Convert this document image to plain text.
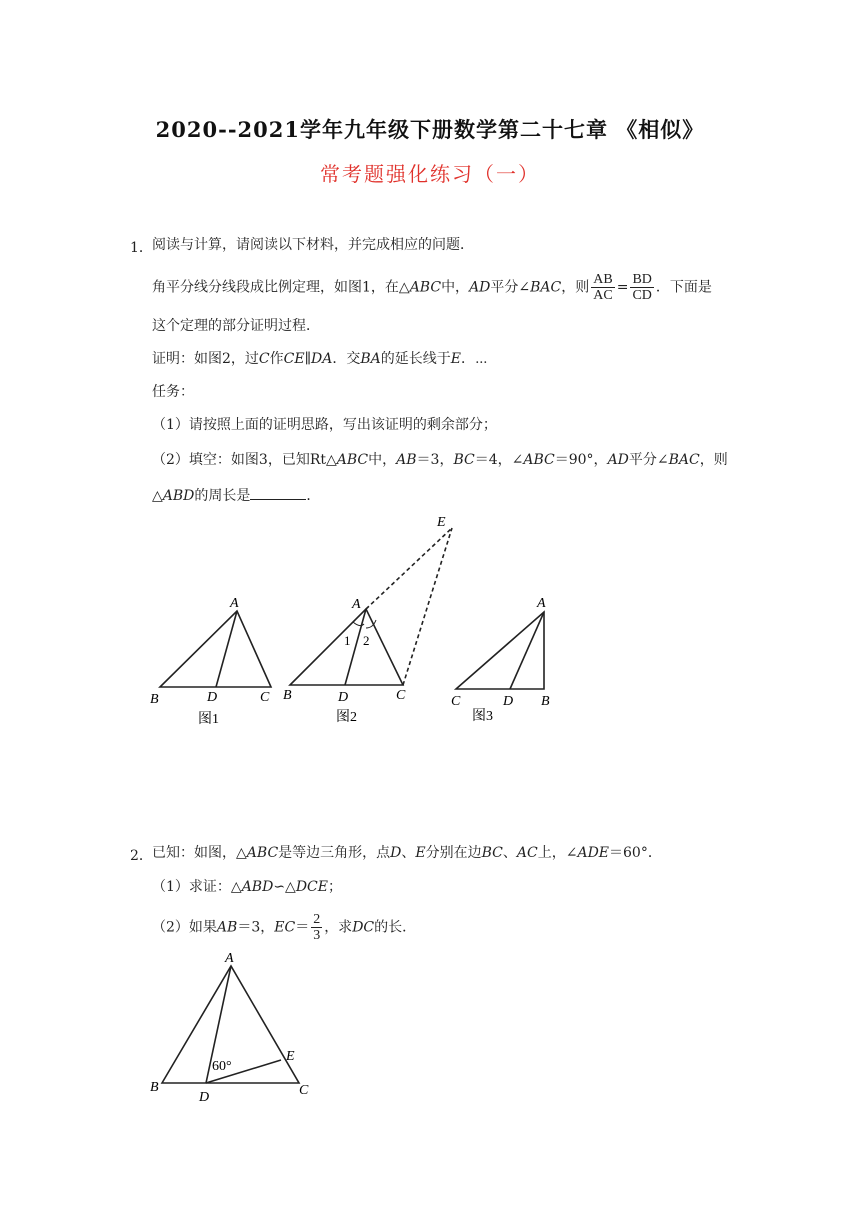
2020--2021学年九年级下册数学第二十七章 《相似》
常考题强化练习（一）
1． 阅读与计算，请阅读以下材料，并完成相应的问题．
角平分线分线段成比例定理，如图1，在△ABC中，AD平分∠BAC，则 $\frac{AB}{AC} = \frac{BD}{CD}$ ．下面是
这个定理的部分证明过程．
证明：如图2，过C作CE∥DA．交BA的延长线于E．⋯
任务：
（1）请按照上面的证明思路，写出该证明的剩余部分；
（2）填空：如图3，已知Rt△ABC中，AB＝3，BC＝4，∠ABC＝90°，AD平分∠BAC，则
△ABD的周长是	．
A
B	D	C
图1
E
A
1 2
B	D	C
图2
A
C	D B
图3
2． 已知：如图，△ABC是等边三角形，点D、E分别在边BC、AC上，∠ADE＝60°．
（1）求证：△ABD∽△DCE；
（2）如果AB＝3，$EC= \frac{2}{3}$ ，求DC的长．
A
B
D
E
C
60°
